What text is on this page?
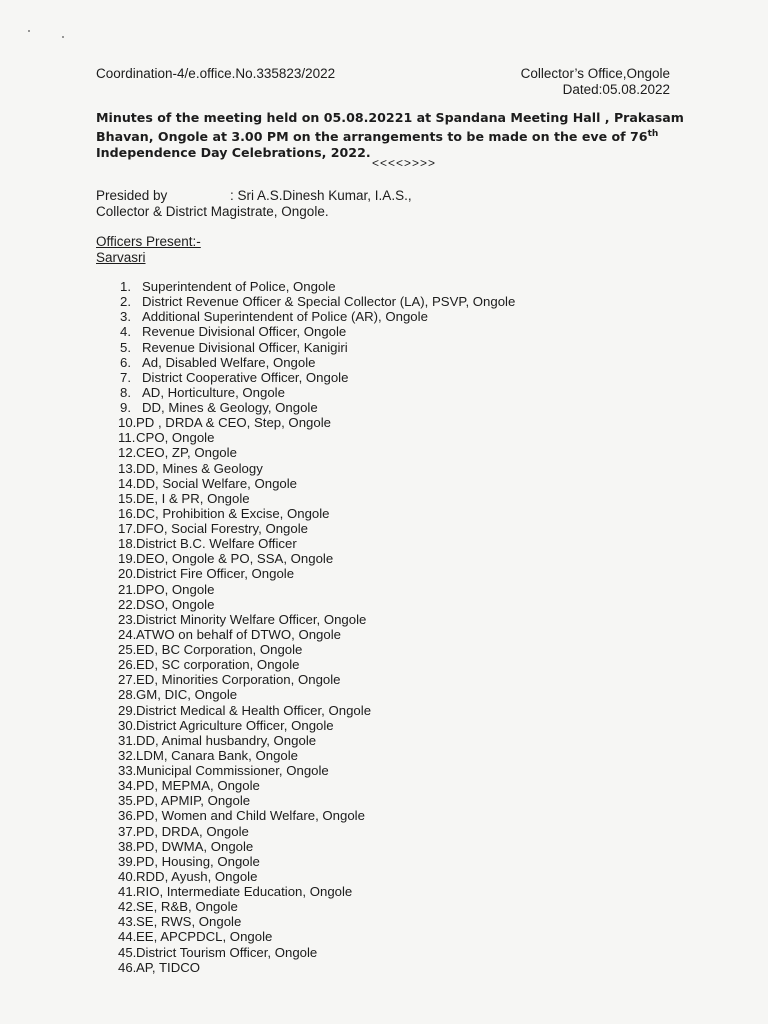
Coordination-4/e.office.No.335823/2022	Collector’s Office,Ongole
Dated:05.08.2022
Minutes of the meeting held on 05.08.20221 at Spandana Meeting Hall , Prakasam Bhavan, Ongole at 3.00 PM on the arrangements to be made on the eve of 76th Independence Day Celebrations, 2022.
<<<<>>>>
Presided by	: Sri A.S.Dinesh Kumar, I.A.S.,
Collector & District Magistrate, Ongole.
Officers Present:-
Sarvasri
1. Superintendent of Police, Ongole
2. District Revenue Officer & Special Collector (LA), PSVP, Ongole
3. Additional Superintendent of Police (AR), Ongole
4. Revenue Divisional Officer, Ongole
5. Revenue Divisional Officer, Kanigiri
6. Ad, Disabled Welfare, Ongole
7. District Cooperative Officer, Ongole
8. AD, Horticulture, Ongole
9. DD, Mines & Geology, Ongole
10.PD , DRDA & CEO, Step, Ongole
11.CPO, Ongole
12.CEO, ZP, Ongole
13.DD, Mines & Geology
14.DD, Social Welfare, Ongole
15.DE, I & PR, Ongole
16.DC, Prohibition & Excise, Ongole
17.DFO, Social Forestry, Ongole
18.District B.C. Welfare Officer
19.DEO, Ongole & PO, SSA, Ongole
20.District Fire Officer, Ongole
21.DPO, Ongole
22.DSO, Ongole
23.District Minority Welfare Officer, Ongole
24.ATWO on behalf of DTWO, Ongole
25.ED, BC Corporation, Ongole
26.ED, SC corporation, Ongole
27.ED, Minorities Corporation, Ongole
28.GM, DIC, Ongole
29.District Medical & Health Officer, Ongole
30.District Agriculture Officer, Ongole
31.DD, Animal husbandry, Ongole
32.LDM, Canara Bank, Ongole
33.Municipal Commissioner, Ongole
34.PD, MEPMA, Ongole
35.PD, APMIP, Ongole
36.PD, Women and Child Welfare, Ongole
37.PD, DRDA, Ongole
38.PD, DWMA, Ongole
39.PD, Housing, Ongole
40.RDD, Ayush, Ongole
41.RIO, Intermediate Education, Ongole
42.SE, R&B, Ongole
43.SE, RWS, Ongole
44.EE, APCPDCL, Ongole
45.District Tourism Officer, Ongole
46.AP, TIDCO
